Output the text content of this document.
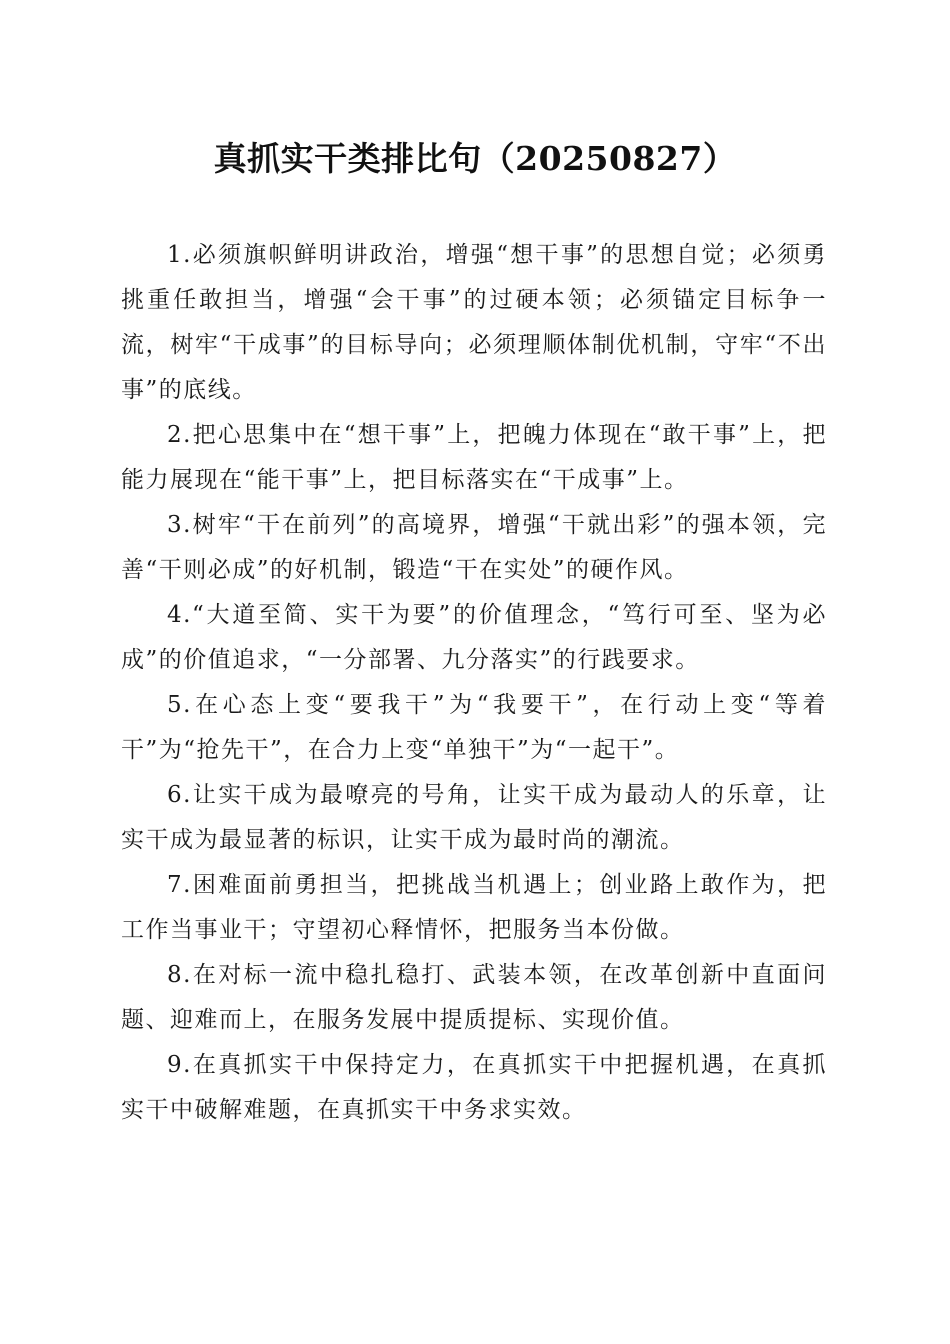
真抓实干类排比句（20250827）

1.必须旗帜鲜明讲政治，增强“想干事”的思想自觉；必须勇挑重任敢担当，增强“会干事”的过硬本领；必须锚定目标争一流，树牢“干成事”的目标导向；必须理顺体制优机制，守牢“不出事”的底线。

2.把心思集中在“想干事”上，把魄力体现在“敢干事”上，把能力展现在“能干事”上，把目标落实在“干成事”上。

3.树牢“干在前列”的高境界，增强“干就出彩”的强本领，完善“干则必成”的好机制，锻造“干在实处”的硬作风。

4.“大道至简、实干为要”的价值理念，“笃行可至、坚为必成”的价值追求，“一分部署、九分落实”的行践要求。

5.在心态上变“要我干”为“我要干”，在行动上变“等着干”为“抢先干”，在合力上变“单独干”为“一起干”。

6.让实干成为最嘹亮的号角，让实干成为最动人的乐章，让实干成为最显著的标识，让实干成为最时尚的潮流。

7.困难面前勇担当，把挑战当机遇上；创业路上敢作为，把工作当事业干；守望初心释情怀，把服务当本份做。

8.在对标一流中稳扎稳打、武装本领，在改革创新中直面问题、迎难而上，在服务发展中提质提标、实现价值。

9.在真抓实干中保持定力，在真抓实干中把握机遇，在真抓实干中破解难题，在真抓实干中务求实效。
